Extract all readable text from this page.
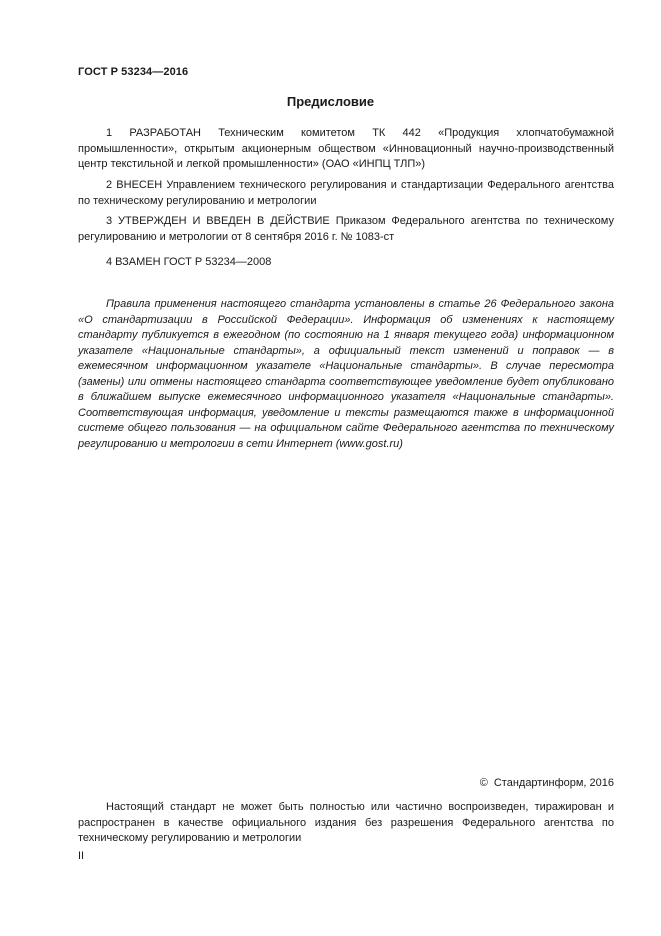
ГОСТ Р 53234—2016
Предисловие

1 РАЗРАБОТАН Техническим комитетом ТК 442 «Продукция хлопчатобумажной промышленности», открытым акционерным обществом «Инновационный научно-производственный центр текстильной и легкой промышленности» (ОАО «ИНПЦ ТЛП»)

2 ВНЕСЕН Управлением технического регулирования и стандартизации Федерального агентства по техническому регулированию и метрологии

3 УТВЕРЖДЕН И ВВЕДЕН В ДЕЙСТВИЕ Приказом Федерального агентства по техническому регулированию и метрологии от 8 сентября 2016 г. № 1083-ст

4 ВЗАМЕН ГОСТ Р 53234—2008

Правила применения настоящего стандарта установлены в статье 26 Федерального закона «О стандартизации в Российской Федерации». Информация об изменениях к настоящему стандарту публикуется в ежегодном (по состоянию на 1 января текущего года) информационном указателе «Национальные стандарты», а официальный текст изменений и поправок — в ежемесячном информационном указателе «Национальные стандарты». В случае пересмотра (замены) или отмены настоящего стандарта соответствующее уведомление будет опубликовано в ближайшем выпуске ежемесячного информационного указателя «Национальные стандарты». Соответствующая информация, уведомление и тексты размещаются также в информационной системе общего пользования — на официальном сайте Федерального агентства по техническому регулированию и метрологии в сети Интернет (www.gost.ru)

© Стандартинформ, 2016

Настоящий стандарт не может быть полностью или частично воспроизведен, тиражирован и распространен в качестве официального издания без разрешения Федерального агентства по техническому регулированию и метрологии

II
